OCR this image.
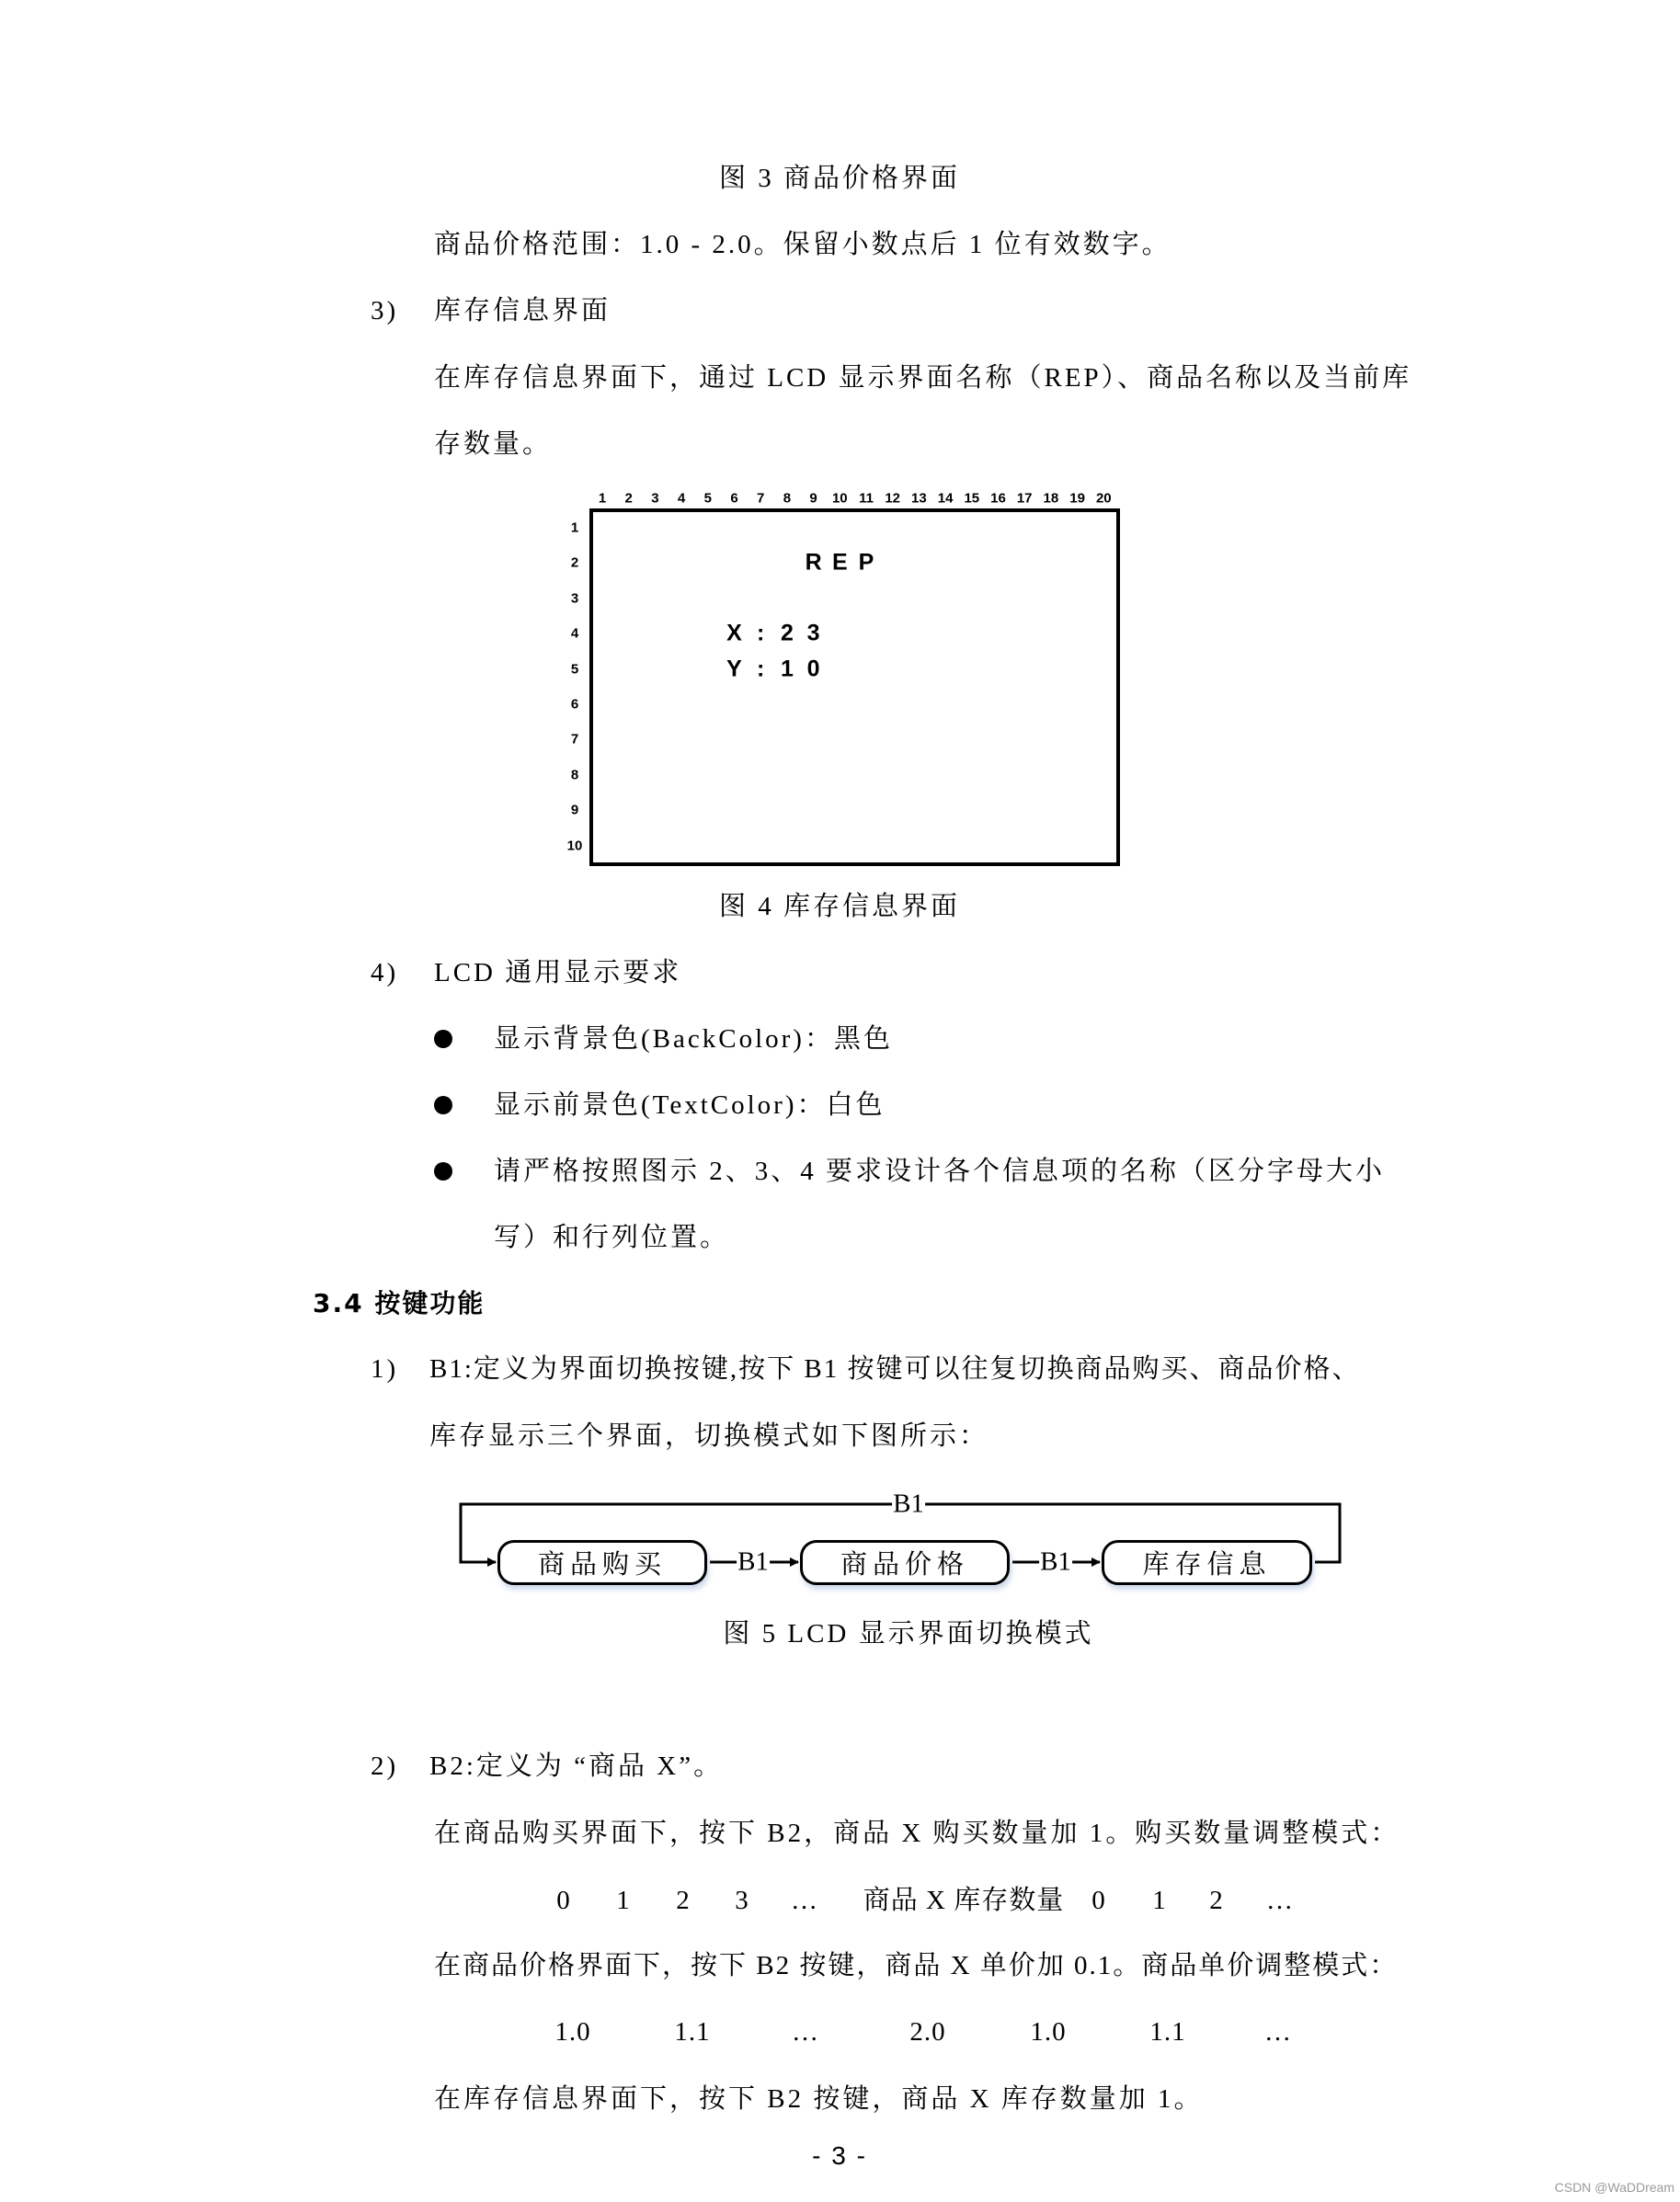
图 3 商品价格界面
商品价格范围：1.0 - 2.0。保留小数点后 1 位有效数字。
3) 库存信息界面
在库存信息界面下，通过 LCD 显示界面名称（REP）、商品名称以及当前库
存数量。
1 2 3 4 5 6 7 8 9 10 11 12 13 14 15 16 17 18 19 20
1
2
3
4
5
6
7
8
9
10
R E P
X : 2 3
Y : 1 0
图 4 库存信息界面
4) LCD 通用显示要求
显示背景色(BackColor)：黑色
显示前景色(TextColor)：白色
请严格按照图示 2、3、4 要求设计各个信息项的名称（区分字母大小
写）和行列位置。
3.4 按键功能
1) B1:定义为界面切换按键,按下 B1 按键可以往复切换商品购买、商品价格、
库存显示三个界面，切换模式如下图所示：
B1
B1	B1
商品购买	商品价格	库存信息
图 5 LCD 显示界面切换模式
2) B2:定义为 “商品 X”。
在商品购买界面下，按下 B2，商品 X 购买数量加 1。购买数量调整模式：
0 1 2 3 … 商品 X 库存数量 0 1 2 …
在商品价格界面下，按下 B2 按键，商品 X 单价加 0.1。商品单价调整模式：
1.0	1.1	…	2.0	1.0	1.1	…
在库存信息界面下，按下 B2 按键，商品 X 库存数量加 1。
- 3 -
CSDN @WaDDream
